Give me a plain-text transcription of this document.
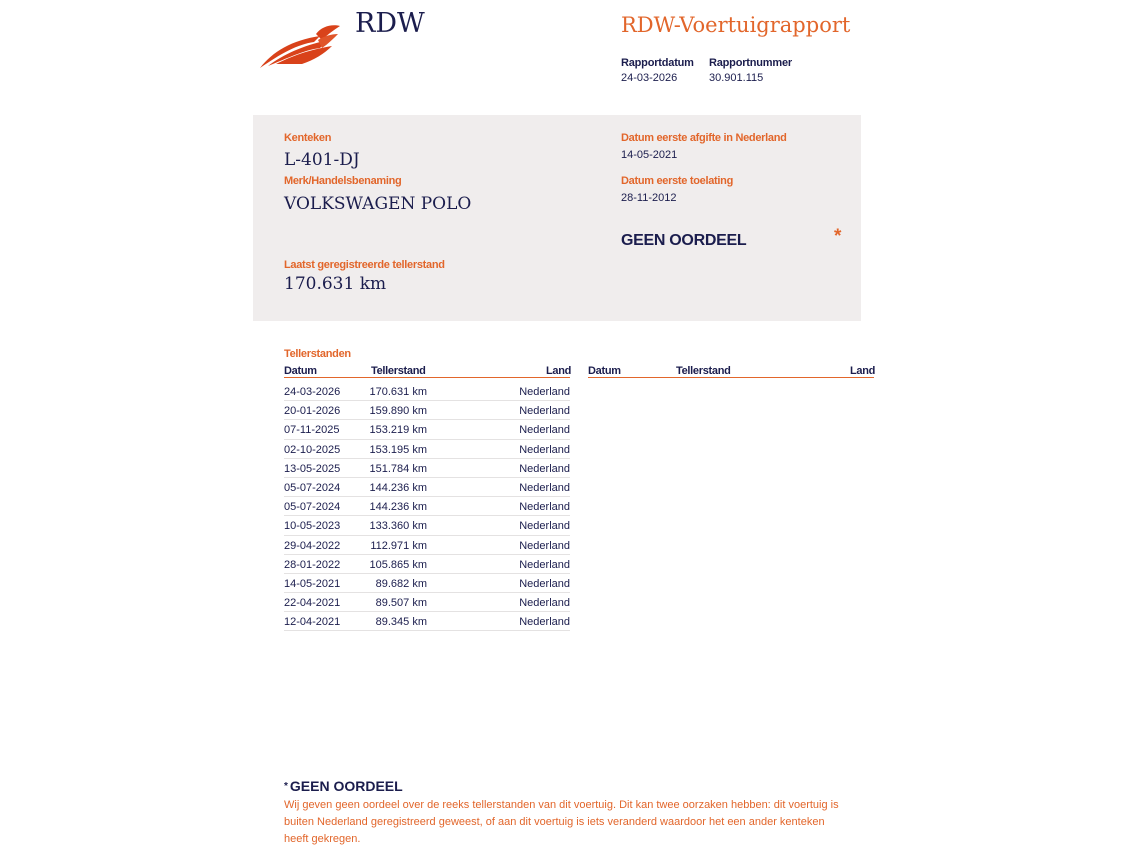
RDW	RDW-Voertuigrapport
Rapportdatum
24-03-2026
Rapportnummer
30.901.115
Kenteken
L-401-DJ
Merk/Handelsbenaming
VOLKSWAGEN POLO
Datum eerste afgifte in Nederland
14-05-2021
Datum eerste toelating
28-11-2012
GEEN OORDEEL	*
Laatst geregistreerde tellerstand
170.631 km
Tellerstanden
Datum	Tellerstand	Land Datum	Tellerstand	Land
24-03-2026	170.631 km	Nederland
20-01-2026	159.890 km	Nederland
07-11-2025	153.219 km	Nederland
02-10-2025	153.195 km	Nederland
13-05-2025	151.784 km	Nederland
05-07-2024	144.236 km	Nederland
05-07-2024	144.236 km	Nederland
10-05-2023	133.360 km	Nederland
29-04-2022	112.971 km	Nederland
28-01-2022	105.865 km	Nederland
14-05-2021	89.682 km	Nederland
22-04-2021	89.507 km	Nederland
12-04-2021	89.345 km	Nederland
* GEEN OORDEEL
Wij geven geen oordeel over de reeks tellerstanden van dit voertuig. Dit kan twee oorzaken hebben: dit voertuig is buiten Nederland geregistreerd geweest, of aan dit voertuig is iets veranderd waardoor het een ander kenteken heeft gekregen.
